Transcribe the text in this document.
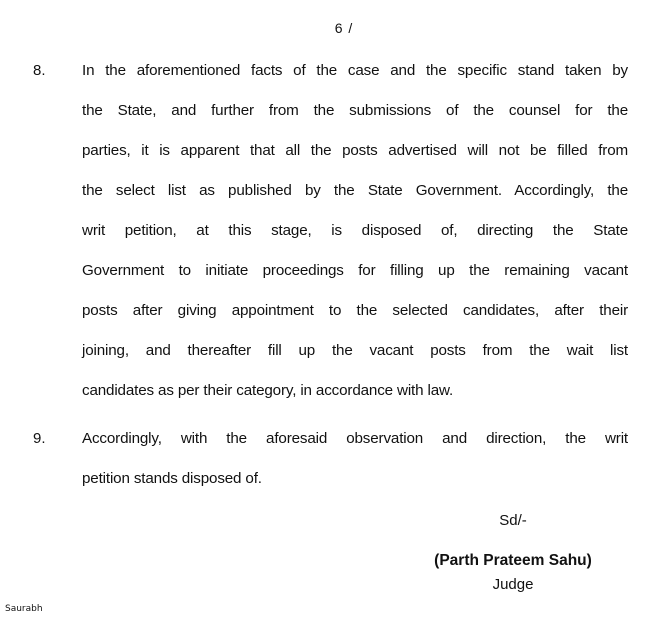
6 /
8. In the aforementioned facts of the case and the specific stand taken by
the State, and further from the submissions of the counsel for the
parties, it is apparent that all the posts advertised will not be filled from
the select list as published by the State Government. Accordingly, the
writ petition, at this stage, is disposed of, directing the State
Government to initiate proceedings for filling up the remaining vacant
posts after giving appointment to the selected candidates, after their
joining, and thereafter fill up the vacant posts from the wait list
candidates as per their category, in accordance with law.
9. Accordingly, with the aforesaid observation and direction, the writ
petition stands disposed of.
Sd/-
(Parth Prateem Sahu)
Judge
Saurabh
